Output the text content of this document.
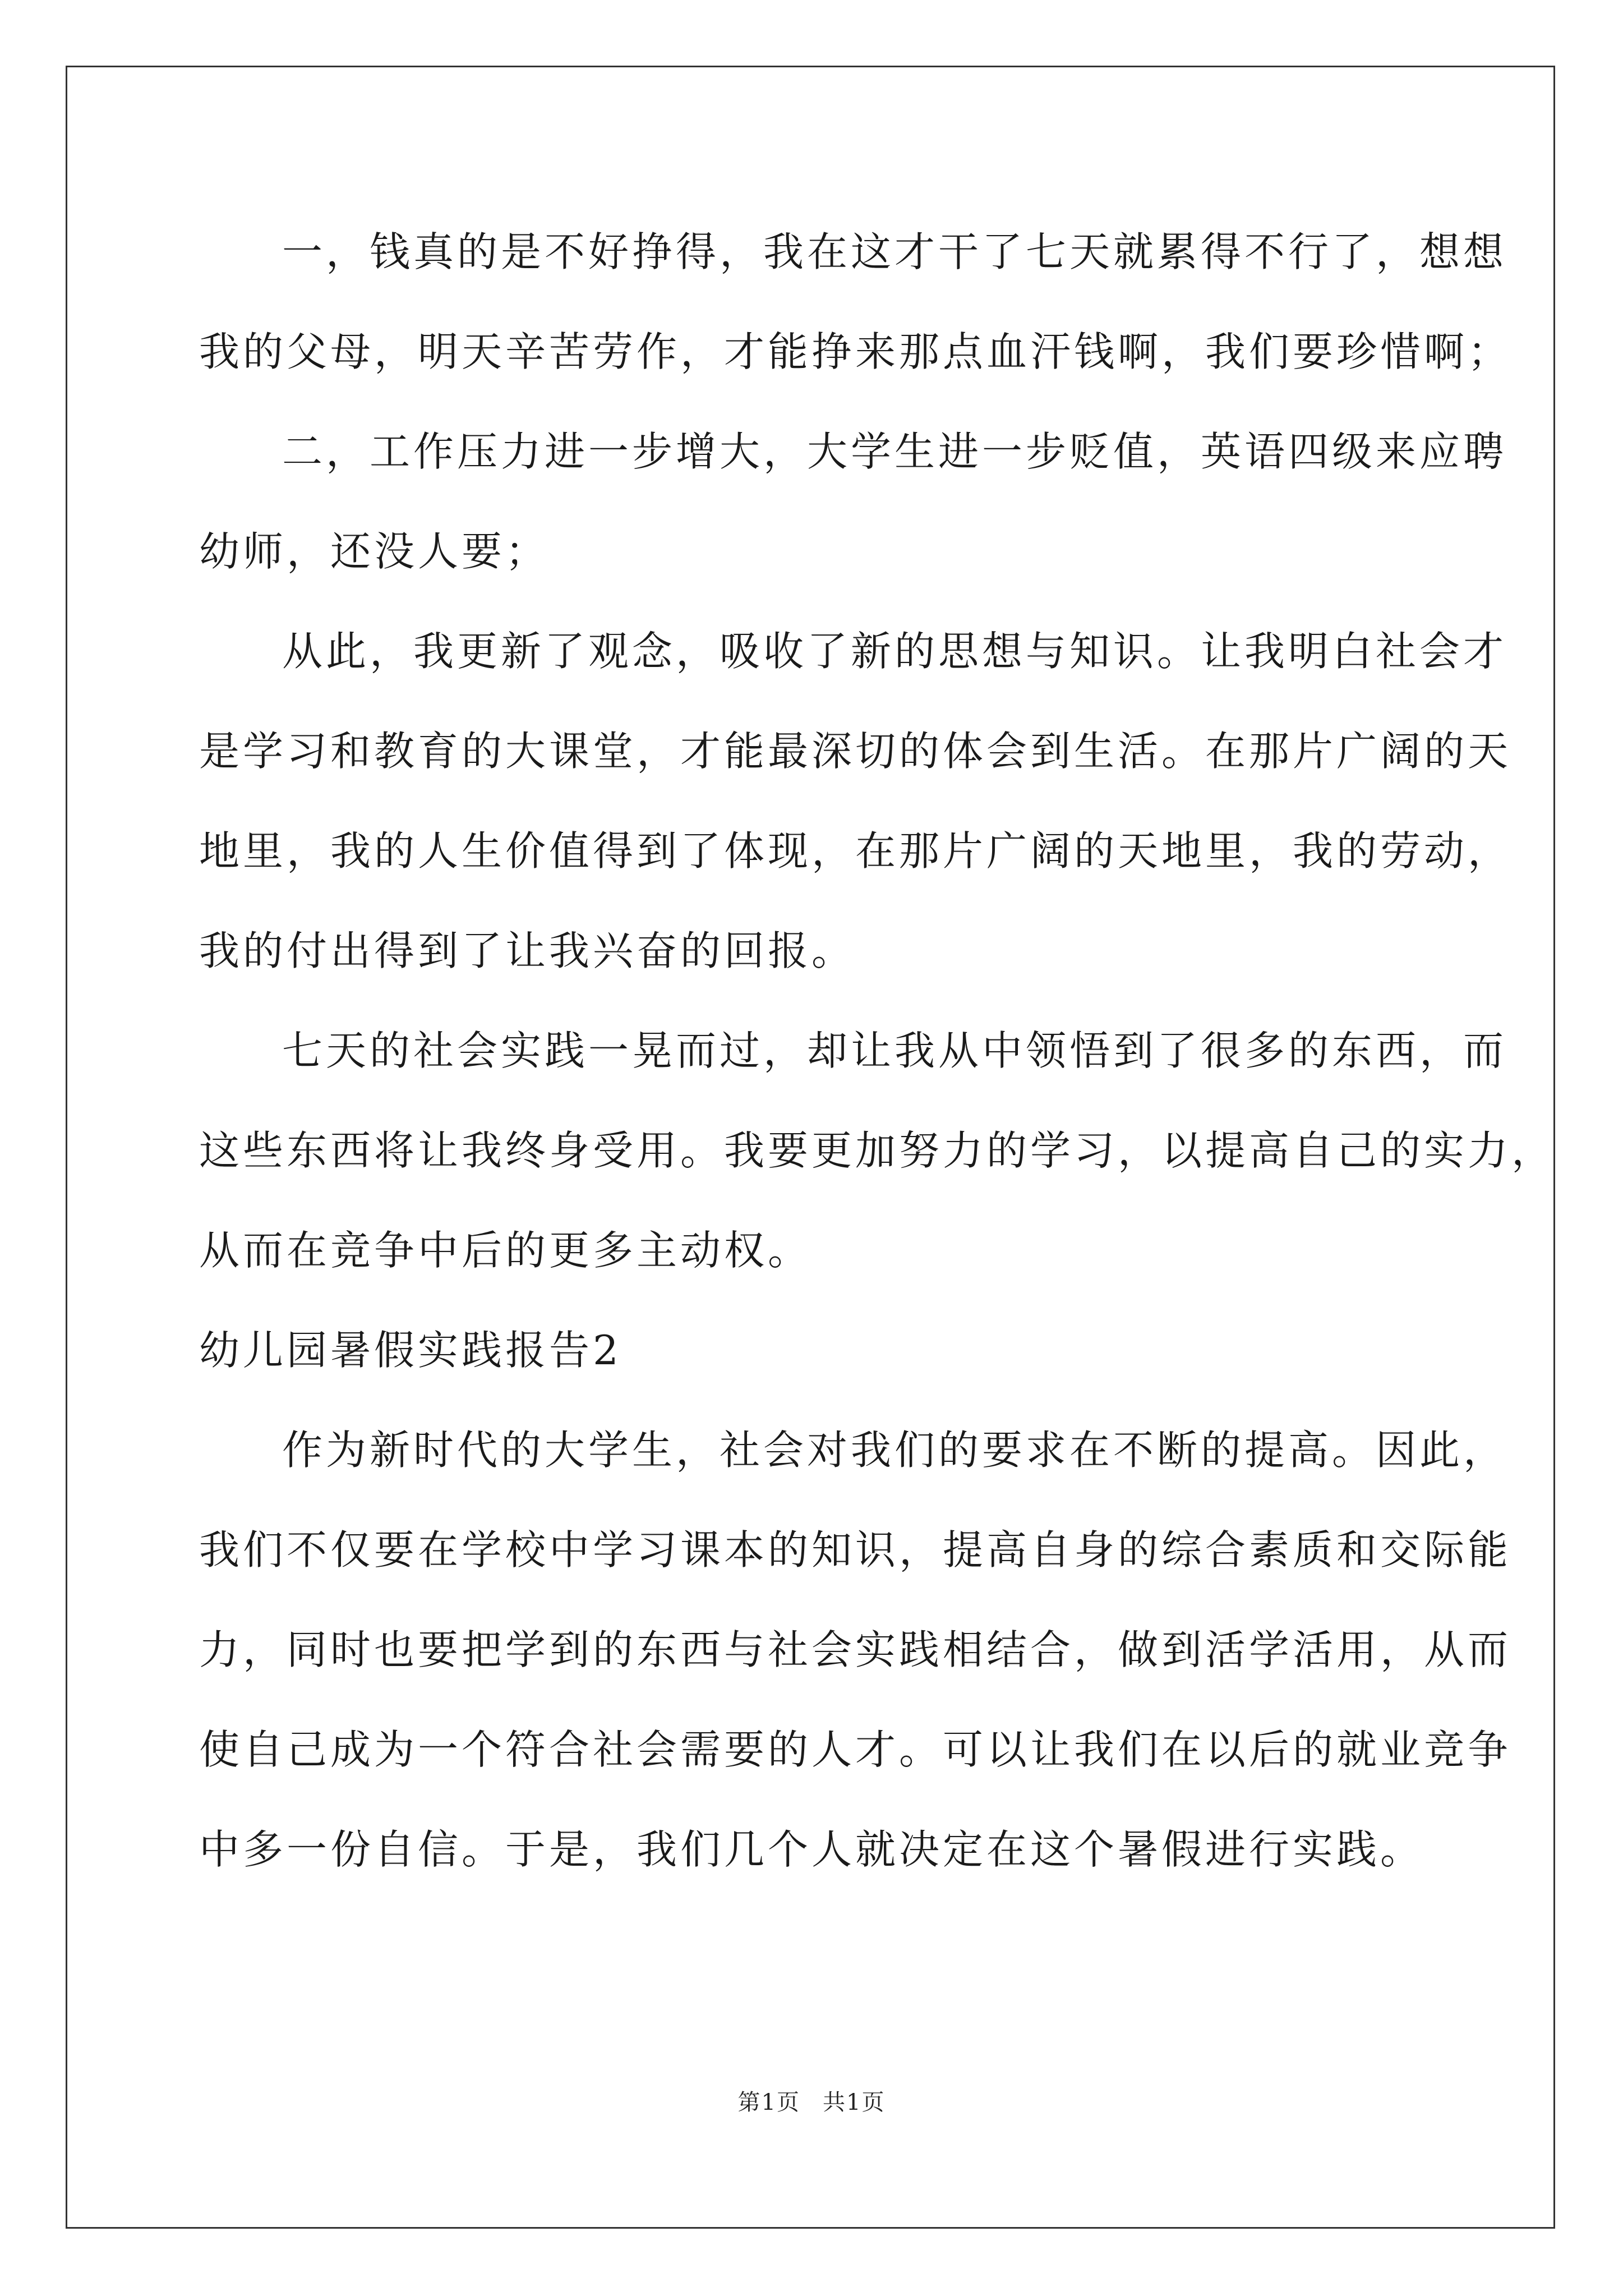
一，钱真的是不好挣得，我在这才干了七天就累得不行了，想想
我的父母，明天辛苦劳作，才能挣来那点血汗钱啊，我们要珍惜啊；
二，工作压力进一步增大，大学生进一步贬值，英语四级来应聘
幼师，还没人要；
从此，我更新了观念，吸收了新的思想与知识。让我明白社会才
是学习和教育的大课堂，才能最深切的体会到生活。在那片广阔的天
地里，我的人生价值得到了体现，在那片广阔的天地里，我的劳动，
我的付出得到了让我兴奋的回报。
七天的社会实践一晃而过，却让我从中领悟到了很多的东西，而
这些东西将让我终身受用。我要更加努力的学习，以提高自己的实力，
从而在竞争中后的更多主动权。
幼儿园暑假实践报告2
作为新时代的大学生，社会对我们的要求在不断的提高。因此，
我们不仅要在学校中学习课本的知识，提高自身的综合素质和交际能
力，同时也要把学到的东西与社会实践相结合，做到活学活用，从而
使自己成为一个符合社会需要的人才。可以让我们在以后的就业竞争
中多一份自信。于是，我们几个人就决定在这个暑假进行实践。
第1页 共1页
